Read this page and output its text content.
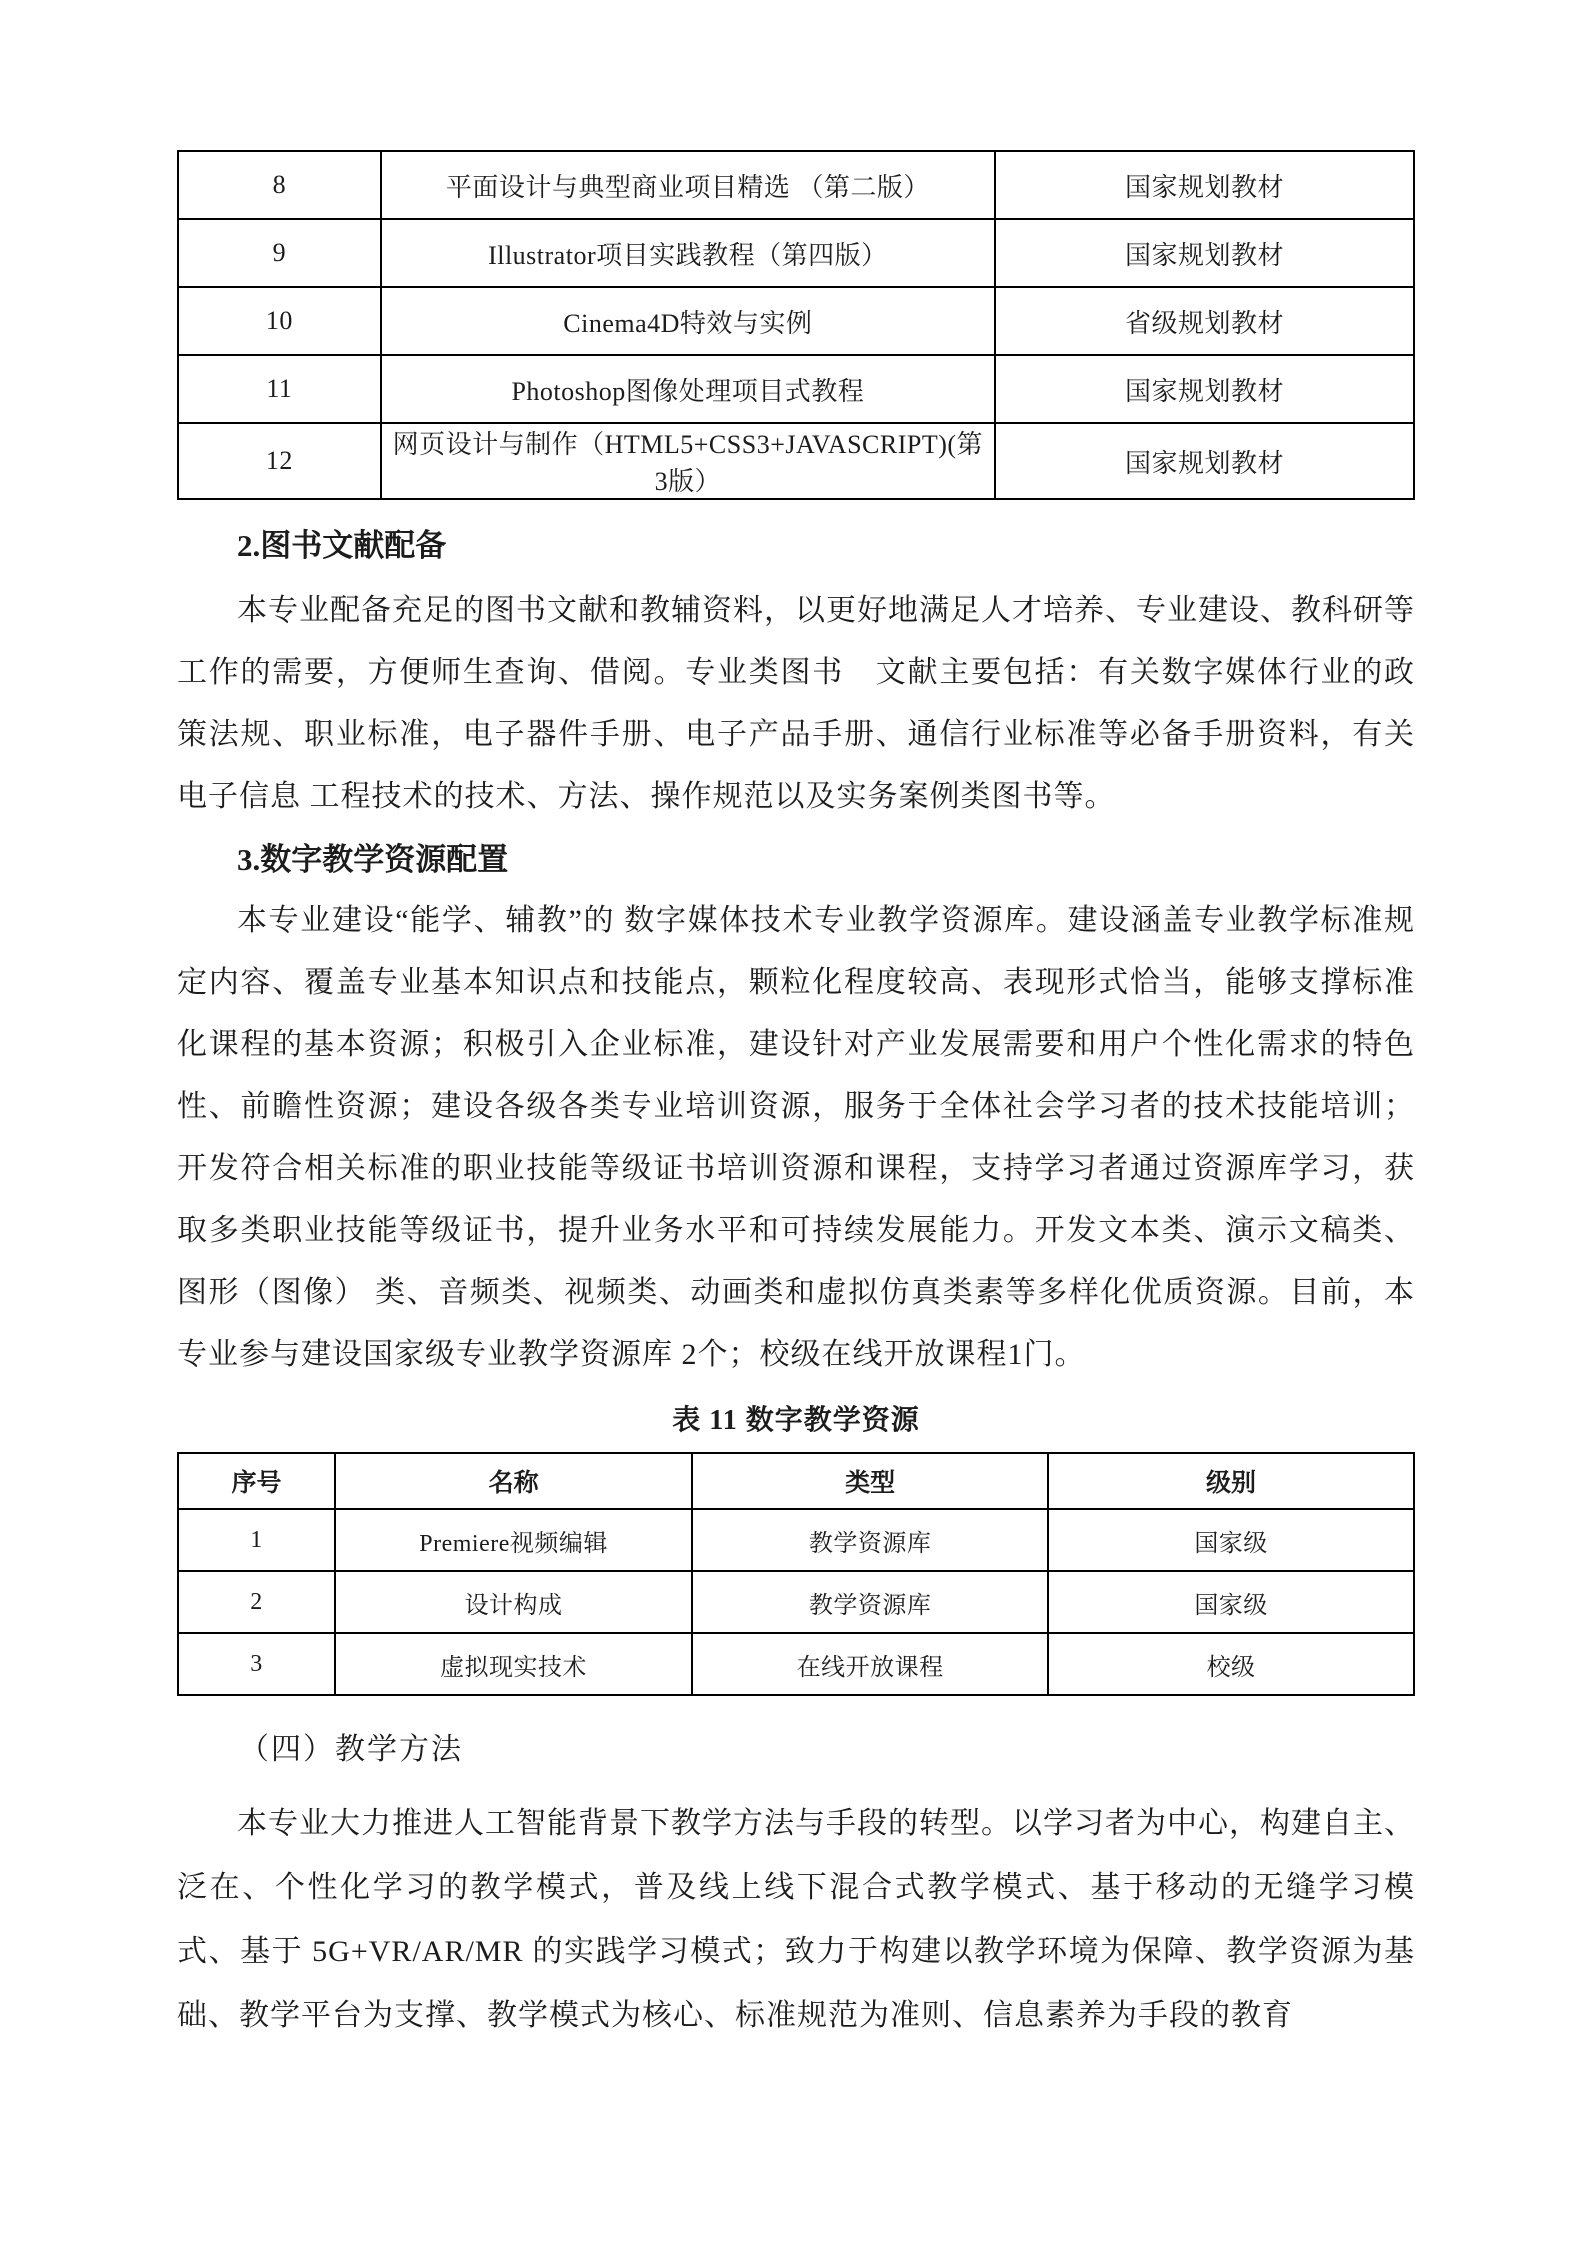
8	平面设计与典型商业项目精选 （第二版）	国家规划教材
9	Illustrator项目实践教程（第四版）	国家规划教材
10	Cinema4D特效与实例	省级规划教材
11	Photoshop图像处理项目式教程	国家规划教材
12	网页设计与制作（HTML5+CSS3+JAVASCRIPT)(第3版）	国家规划教材
2.图书文献配备

本专业配备充足的图书文献和教辅资料，以更好地满足人才培养、专业建设、教科研等工作的需要，方便师生查询、借阅。专业类图书　文献主要包括：有关数字媒体行业的政策法规、职业标准，电子器件手册、电子产品手册、通信行业标准等必备手册资料，有关电子信息 工程技术的技术、方法、操作规范以及实务案例类图书等。

3.数字教学资源配置

本专业建设“能学、辅教”的 数字媒体技术专业教学资源库。建设涵盖专业教学标准规定内容、覆盖专业基本知识点和技能点，颗粒化程度较高、表现形式恰当，能够支撑标准化课程的基本资源；积极引入企业标准，建设针对产业发展需要和用户个性化需求的特色性、前瞻性资源；建设各级各类专业培训资源，服务于全体社会学习者的技术技能培训；开发符合相关标准的职业技能等级证书培训资源和课程，支持学习者通过资源库学习，获取多类职业技能等级证书，提升业务水平和可持续发展能力。开发文本类、演示文稿类、图形（图像） 类、音频类、视频类、动画类和虚拟仿真类素等多样化优质资源。目前，本专业参与建设国家级专业教学资源库 2个；校级在线开放课程1门。

表 11 数字教学资源
序号	名称	类型	级别
1	Premiere视频编辑	教学资源库	国家级
2	设计构成	教学资源库	国家级
3	虚拟现实技术	在线开放课程	校级
（四）教学方法

本专业大力推进人工智能背景下教学方法与手段的转型。以学习者为中心，构建自主、泛在、个性化学习的教学模式，普及线上线下混合式教学模式、基于移动的无缝学习模式、基于 5G+VR/AR/MR 的实践学习模式；致力于构建以教学环境为保障、教学资源为基础、教学平台为支撑、教学模式为核心、标准规范为准则、信息素养为手段的教育
